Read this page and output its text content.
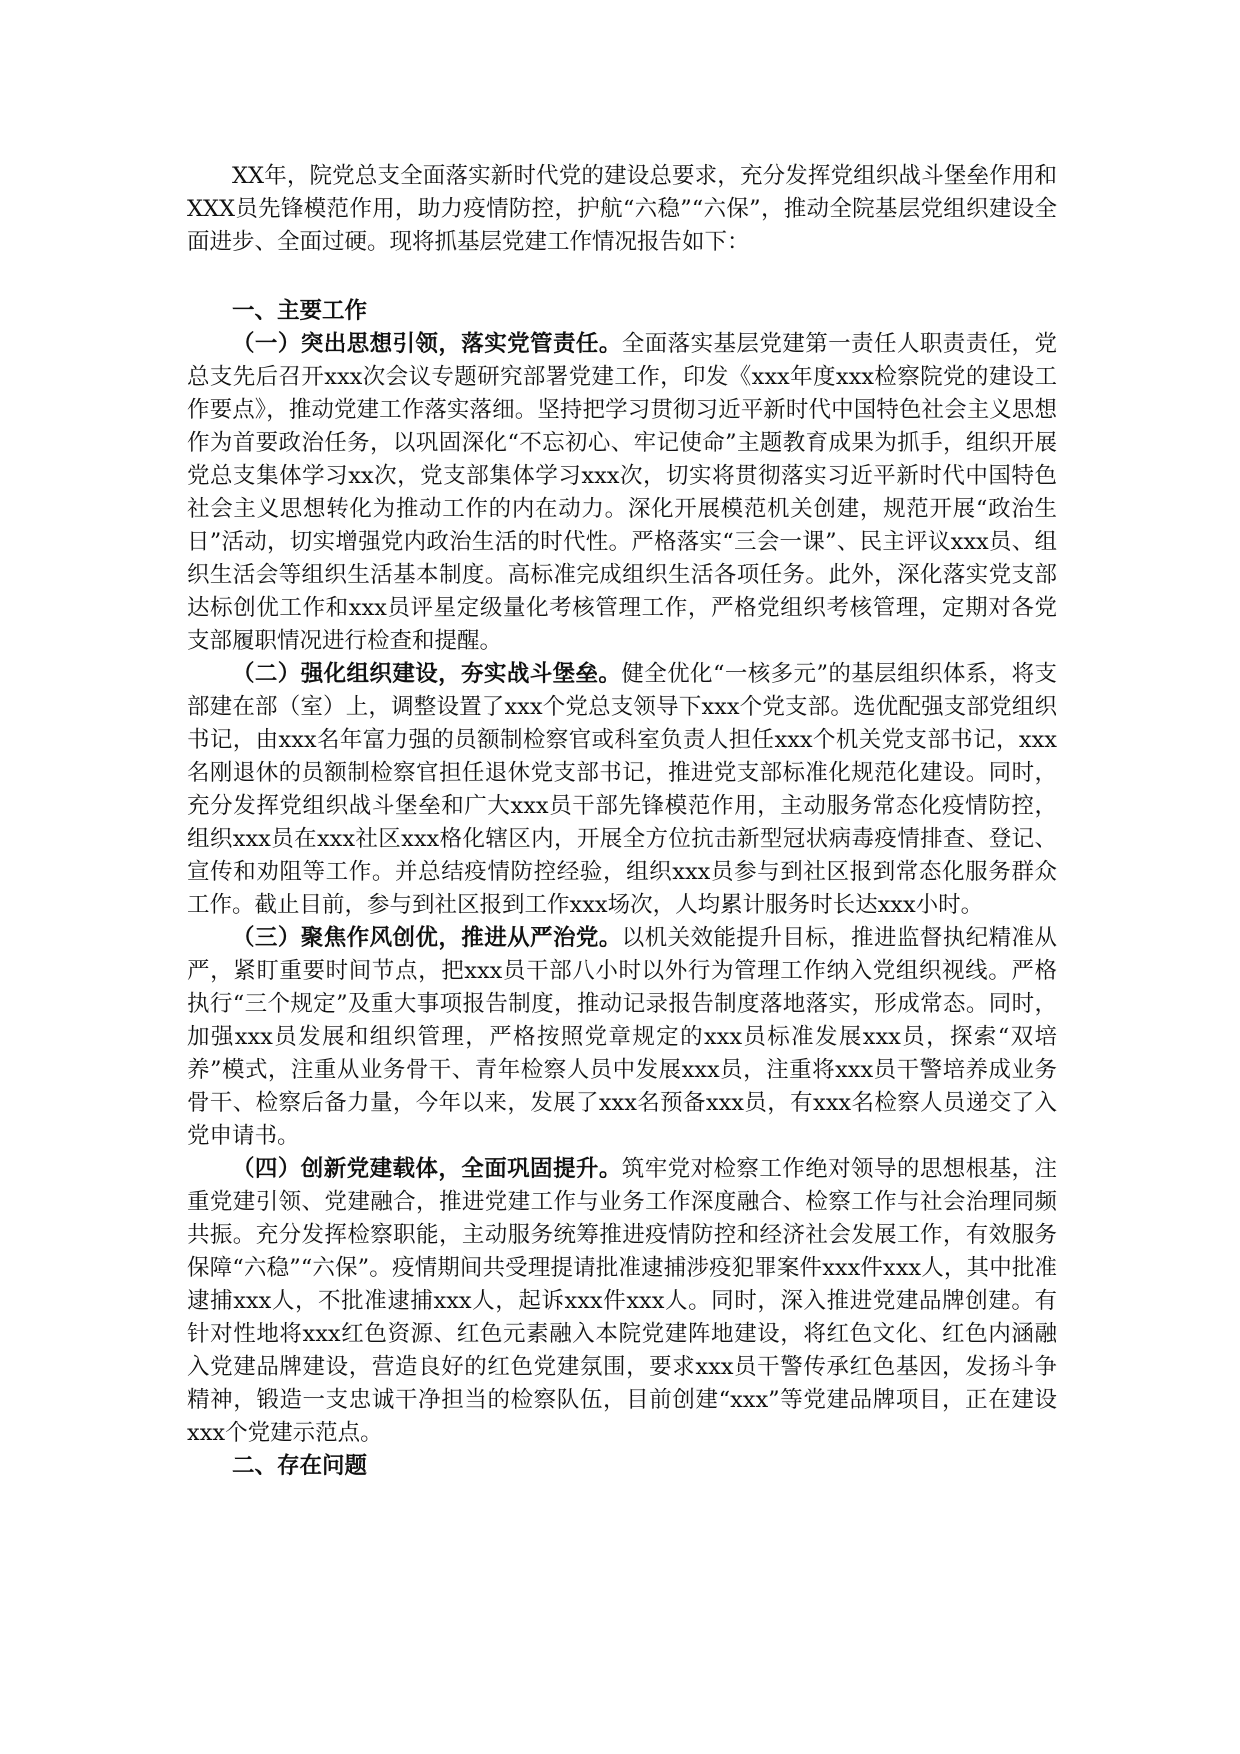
XX年，院党总支全面落实新时代党的建设总要求，充分发挥党组织战斗堡垒作用和XXX员先锋模范作用，助力疫情防控，护航“六稳”“六保”，推动全院基层党组织建设全面进步、全面过硬。现将抓基层党建工作情况报告如下：

一、主要工作

（一）突出思想引领，落实党管责任。全面落实基层党建第一责任人职责责任，党总支先后召开xxx次会议专题研究部署党建工作，印发《xxx年度xxx检察院党的建设工作要点》，推动党建工作落实落细。坚持把学习贯彻习近平新时代中国特色社会主义思想作为首要政治任务，以巩固深化“不忘初心、牢记使命”主题教育成果为抓手，组织开展党总支集体学习xx次，党支部集体学习xxx次，切实将贯彻落实习近平新时代中国特色社会主义思想转化为推动工作的内在动力。深化开展模范机关创建，规范开展“政治生日”活动，切实增强党内政治生活的时代性。严格落实“三会一课”、民主评议xxx员、组织生活会等组织生活基本制度。高标准完成组织生活各项任务。此外，深化落实党支部达标创优工作和xxx员评星定级量化考核管理工作，严格党组织考核管理，定期对各党支部履职情况进行检查和提醒。

（二）强化组织建设，夯实战斗堡垒。健全优化“一核多元”的基层组织体系，将支部建在部（室）上，调整设置了xxx个党总支领导下xxx个党支部。选优配强支部党组织书记，由xxx名年富力强的员额制检察官或科室负责人担任xxx个机关党支部书记，xxx名刚退休的员额制检察官担任退休党支部书记，推进党支部标准化规范化建设。同时，充分发挥党组织战斗堡垒和广大xxx员干部先锋模范作用，主动服务常态化疫情防控，组织xxx员在xxx社区xxx格化辖区内，开展全方位抗击新型冠状病毒疫情排查、登记、宣传和劝阻等工作。并总结疫情防控经验，组织xxx员参与到社区报到常态化服务群众工作。截止目前，参与到社区报到工作xxx场次，人均累计服务时长达xxx小时。

（三）聚焦作风创优，推进从严治党。以机关效能提升目标，推进监督执纪精准从严，紧盯重要时间节点，把xxx员干部八小时以外行为管理工作纳入党组织视线。严格执行“三个规定”及重大事项报告制度，推动记录报告制度落地落实，形成常态。同时，加强xxx员发展和组织管理，严格按照党章规定的xxx员标准发展xxx员，探索“双培养”模式，注重从业务骨干、青年检察人员中发展xxx员，注重将xxx员干警培养成业务骨干、检察后备力量，今年以来，发展了xxx名预备xxx员，有xxx名检察人员递交了入党申请书。

（四）创新党建载体，全面巩固提升。筑牢党对检察工作绝对领导的思想根基，注重党建引领、党建融合，推进党建工作与业务工作深度融合、检察工作与社会治理同频共振。充分发挥检察职能，主动服务统筹推进疫情防控和经济社会发展工作，有效服务保障“六稳”“六保”。疫情期间共受理提请批准逮捕涉疫犯罪案件xxx件xxx人，其中批准逮捕xxx人，不批准逮捕xxx人，起诉xxx件xxx人。同时，深入推进党建品牌创建。有针对性地将xxx红色资源、红色元素融入本院党建阵地建设，将红色文化、红色内涵融入党建品牌建设，营造良好的红色党建氛围，要求xxx员干警传承红色基因，发扬斗争精神，锻造一支忠诚干净担当的检察队伍，目前创建“xxx”等党建品牌项目，正在建设xxx个党建示范点。

二、存在问题
